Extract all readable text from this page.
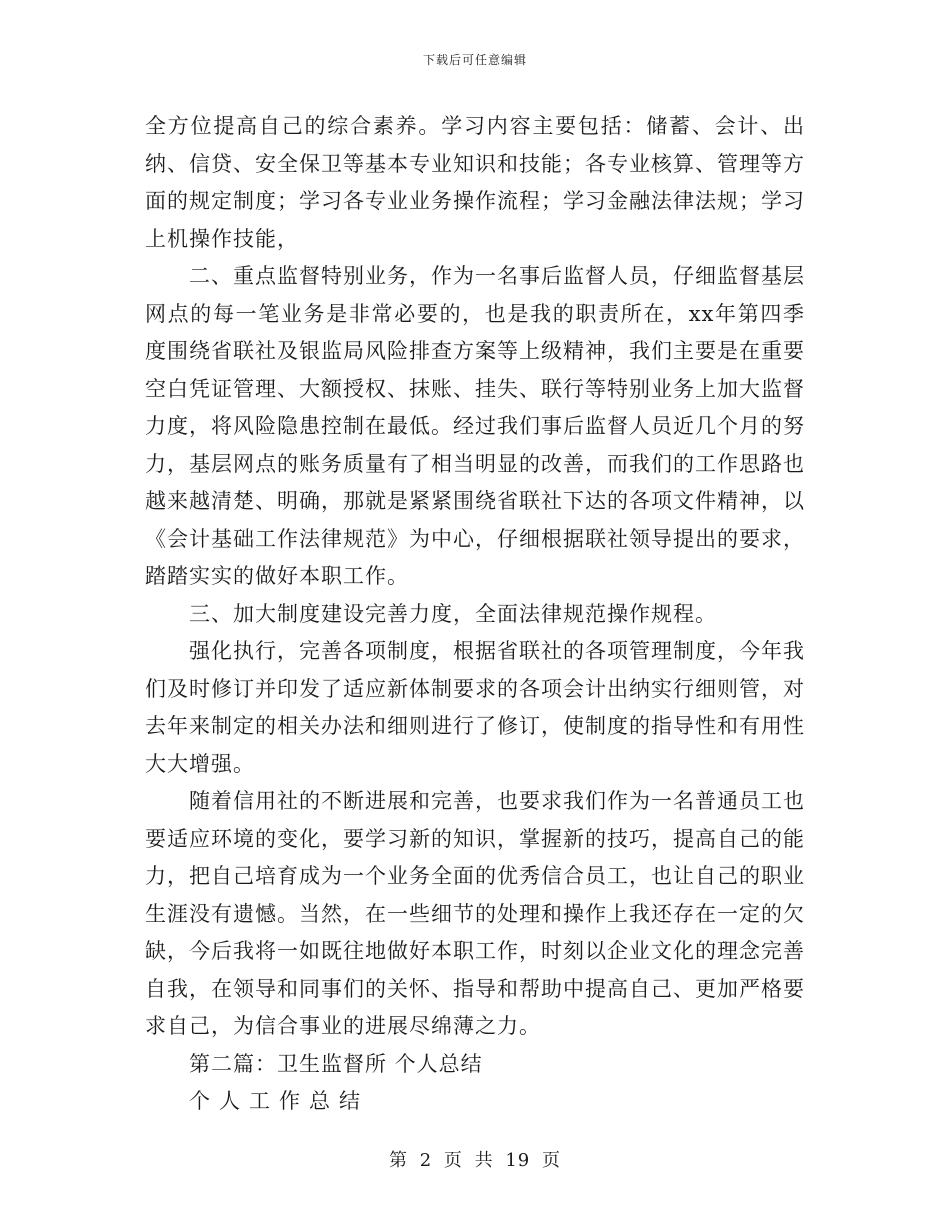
下载后可任意编辑

全方位提高自己的综合素养。学习内容主要包括：储蓄、会计、出纳、信贷、安全保卫等基本专业知识和技能；各专业核算、管理等方面的规定制度；学习各专业业务操作流程；学习金融法律法规；学习上机操作技能，

二、重点监督特别业务，作为一名事后监督人员，仔细监督基层网点的每一笔业务是非常必要的，也是我的职责所在，xx年第四季度围绕省联社及银监局风险排查方案等上级精神，我们主要是在重要空白凭证管理、大额授权、抹账、挂失、联行等特别业务上加大监督力度，将风险隐患控制在最低。经过我们事后监督人员近几个月的努力，基层网点的账务质量有了相当明显的改善，而我们的工作思路也越来越清楚、明确，那就是紧紧围绕省联社下达的各项文件精神，以《会计基础工作法律规范》为中心，仔细根据联社领导提出的要求，踏踏实实的做好本职工作。

三、加大制度建设完善力度，全面法律规范操作规程。

强化执行，完善各项制度，根据省联社的各项管理制度，今年我们及时修订并印发了适应新体制要求的各项会计出纳实行细则管，对去年来制定的相关办法和细则进行了修订，使制度的指导性和有用性大大增强。

随着信用社的不断进展和完善，也要求我们作为一名普通员工也要适应环境的变化，要学习新的知识，掌握新的技巧，提高自己的能力，把自己培育成为一个业务全面的优秀信合员工，也让自己的职业生涯没有遗憾。当然，在一些细节的处理和操作上我还存在一定的欠缺，今后我将一如既往地做好本职工作，时刻以企业文化的理念完善自我，在领导和同事们的关怀、指导和帮助中提高自己、更加严格要求自己，为信合事业的进展尽绵薄之力。

第二篇：卫生监督所 个人总结

个人工作总结

第 2 页 共 19 页
